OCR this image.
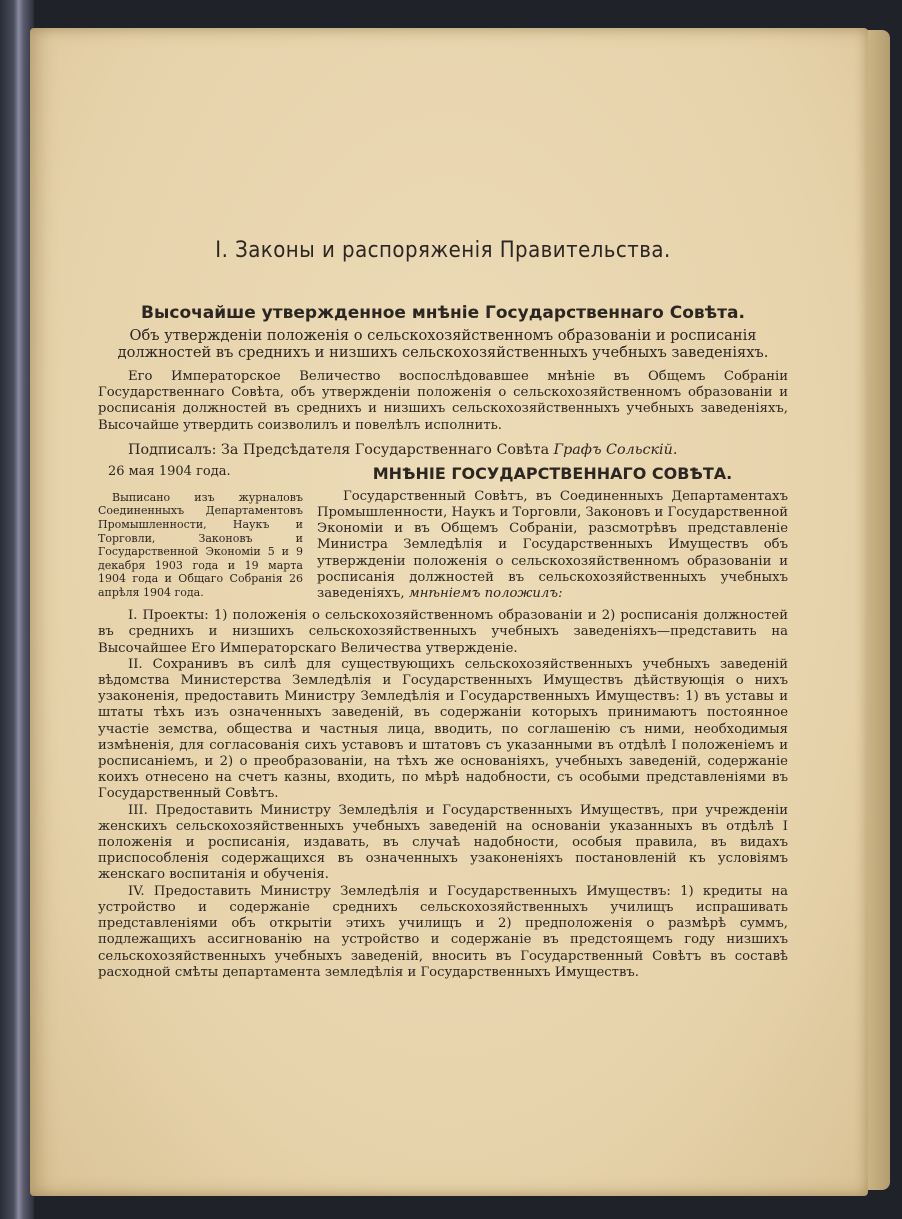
I. Законы и распоряженія Правительства.
Высочайше утвержденное мнѣніе Государственнаго Совѣта.

Объ утвержденіи положенія о сельскохозяйственномъ образованіи и росписанія должностей въ среднихъ и низшихъ сельскохозяйственныхъ учебныхъ заведеніяхъ.

Его Императорское Величество воспослѣдовавшее мнѣніе въ Общемъ Собраніи Государственнаго Совѣта, объ утвержденіи положенія о сельскохозяйственномъ образованіи и росписанія должностей въ среднихъ и низшихъ сельскохозяйственныхъ учебныхъ заведеніяхъ, Высочайше утвердить соизволилъ и повелѣлъ исполнить.

Подписалъ: За Предсѣдателя Государственнаго Совѣта Графъ Сольскій.

26 мая 1904 года.

Выписано изъ журналовъ Соединенныхъ Департаментовъ Промышленности, Наукъ и Торговли, Законовъ и Государственной Экономіи 5 и 9 декабря 1903 года и 19 марта 1904 года и Общаго Собранія 26 апрѣля 1904 года.

МНѢНІЕ ГОСУДАРСТВЕННАГО СОВѢТА.

Государственный Совѣтъ, въ Соединенныхъ Департаментахъ Промышленности, Наукъ и Торговли, Законовъ и Государственной Экономіи и въ Общемъ Собраніи, разсмотрѣвъ представленіе Министра Земледѣлія и Государственныхъ Имуществъ объ утвержденіи положенія о сельскохозяйственномъ образованіи и росписанія должностей въ сельскохозяйственныхъ учебныхъ заведеніяхъ, мнѣніемъ положилъ:

I. Проекты: 1) положенія о сельскохозяйственномъ образованіи и 2) росписанія должностей въ среднихъ и низшихъ сельскохозяйственныхъ учебныхъ заведеніяхъ—представить на Высочайшее Его Императорскаго Величества утвержденіе.

II. Сохранивъ въ силѣ для существующихъ сельскохозяйственныхъ учебныхъ заведеній вѣдомства Министерства Земледѣлія и Государственныхъ Имуществъ дѣйствующія о нихъ узаконенія, предоставить Министру Земледѣлія и Государственныхъ Имуществъ: 1) въ уставы и штаты тѣхъ изъ означенныхъ заведеній, въ содержаніи которыхъ принимаютъ постоянное участіе земства, общества и частныя лица, вводить, по соглашенію съ ними, необходимыя измѣненія, для согласованія сихъ уставовъ и штатовъ съ указанными въ отдѣлѣ I положеніемъ и росписаніемъ, и 2) о преобразованіи, на тѣхъ же основаніяхъ, учебныхъ заведеній, содержаніе коихъ отнесено на счетъ казны, входить, по мѣрѣ надобности, съ особыми представленіями въ Государственный Совѣтъ.

III. Предоставить Министру Земледѣлія и Государственныхъ Имуществъ, при учрежденіи женскихъ сельскохозяйственныхъ учебныхъ заведеній на основаніи указанныхъ въ отдѣлѣ I положенія и росписанія, издавать, въ случаѣ надобности, особыя правила, въ видахъ приспособленія содержащихся въ означенныхъ узаконеніяхъ постановленій къ условіямъ женскаго воспитанія и обученія.

IV. Предоставить Министру Земледѣлія и Государственныхъ Имуществъ: 1) кредиты на устройство и содержаніе среднихъ сельскохозяйственныхъ училищъ испрашивать представленіями объ открытіи этихъ училищъ и 2) предположенія о размѣрѣ суммъ, подлежащихъ ассигнованію на устройство и содержаніе въ предстоящемъ году низшихъ сельскохозяйственныхъ учебныхъ заведеній, вносить въ Государственный Совѣтъ въ составѣ расходной смѣты департамента земледѣлія и Государственныхъ Имуществъ.
